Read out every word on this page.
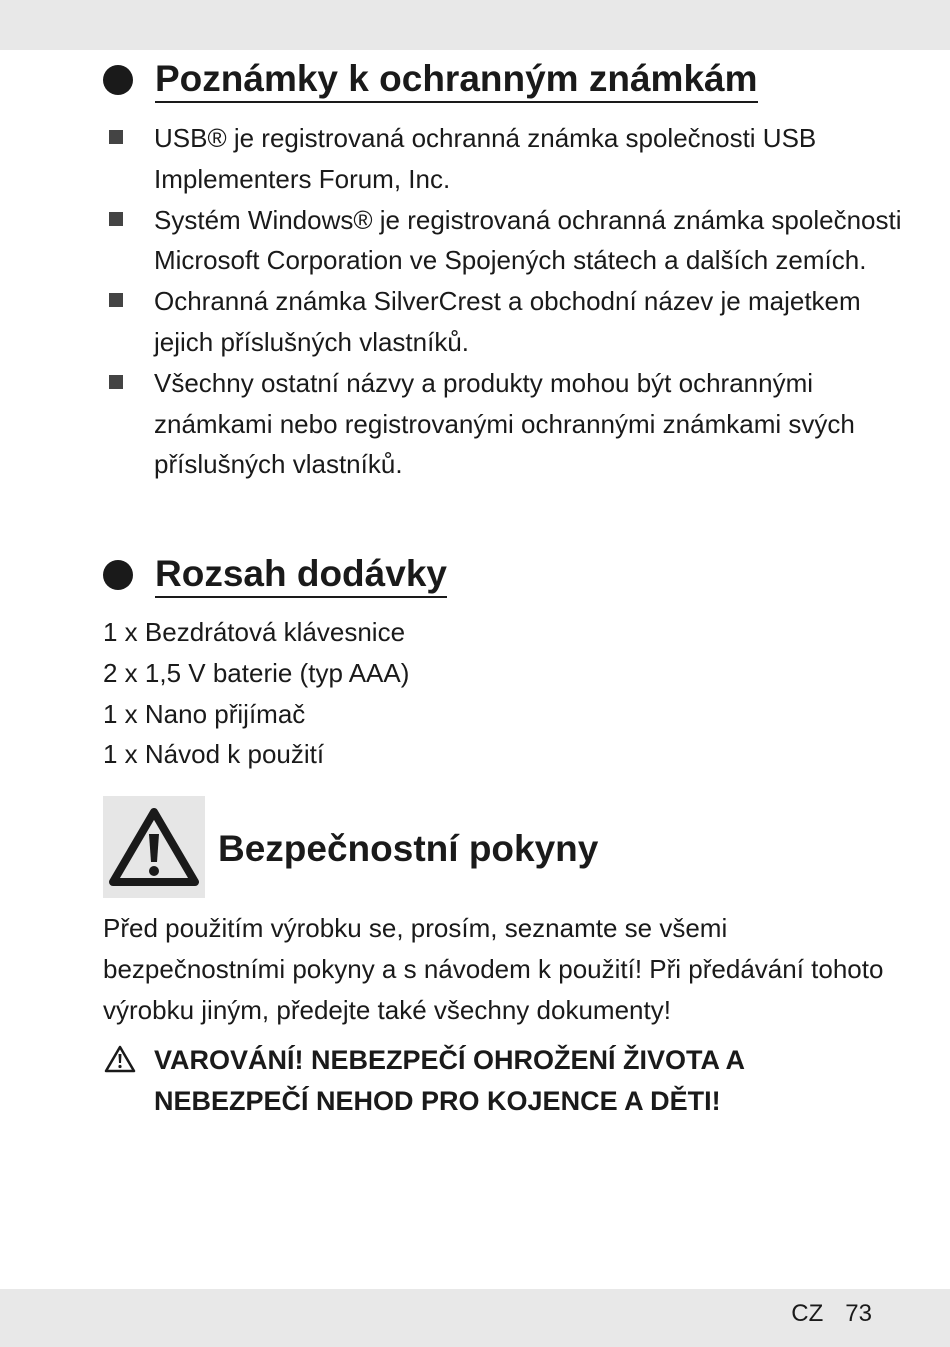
Poznámky k ochranným známkám
USB® je registrovaná ochranná známka společnosti USB Implementers Forum, Inc.
Systém Windows® je registrovaná ochranná známka společnosti Microsoft Corporation ve Spojených státech a dalších zemích.
Ochranná známka SilverCrest a obchodní název je majetkem jejich příslušných vlastníků.
Všechny ostatní názvy a produkty mohou být ochrannými známkami nebo registrovanými ochrannými známkami svých příslušných vlastníků.
Rozsah dodávky
1 x Bezdrátová klávesnice
2 x 1,5 V baterie (typ AAA)
1 x Nano přijímač
1 x Návod k použití
Bezpečnostní pokyny

Před použitím výrobku se, prosím, seznamte se všemi bezpečnostními pokyny a s návodem k použití! Při předávání tohoto výrobku jiným, předejte také všechny dokumenty!

VAROVÁNÍ! NEBEZPEČÍ OHROŽENÍ ŽIVOTA A NEBEZPEČÍ NEHOD PRO KOJENCE A DĚTI!

CZ 73
